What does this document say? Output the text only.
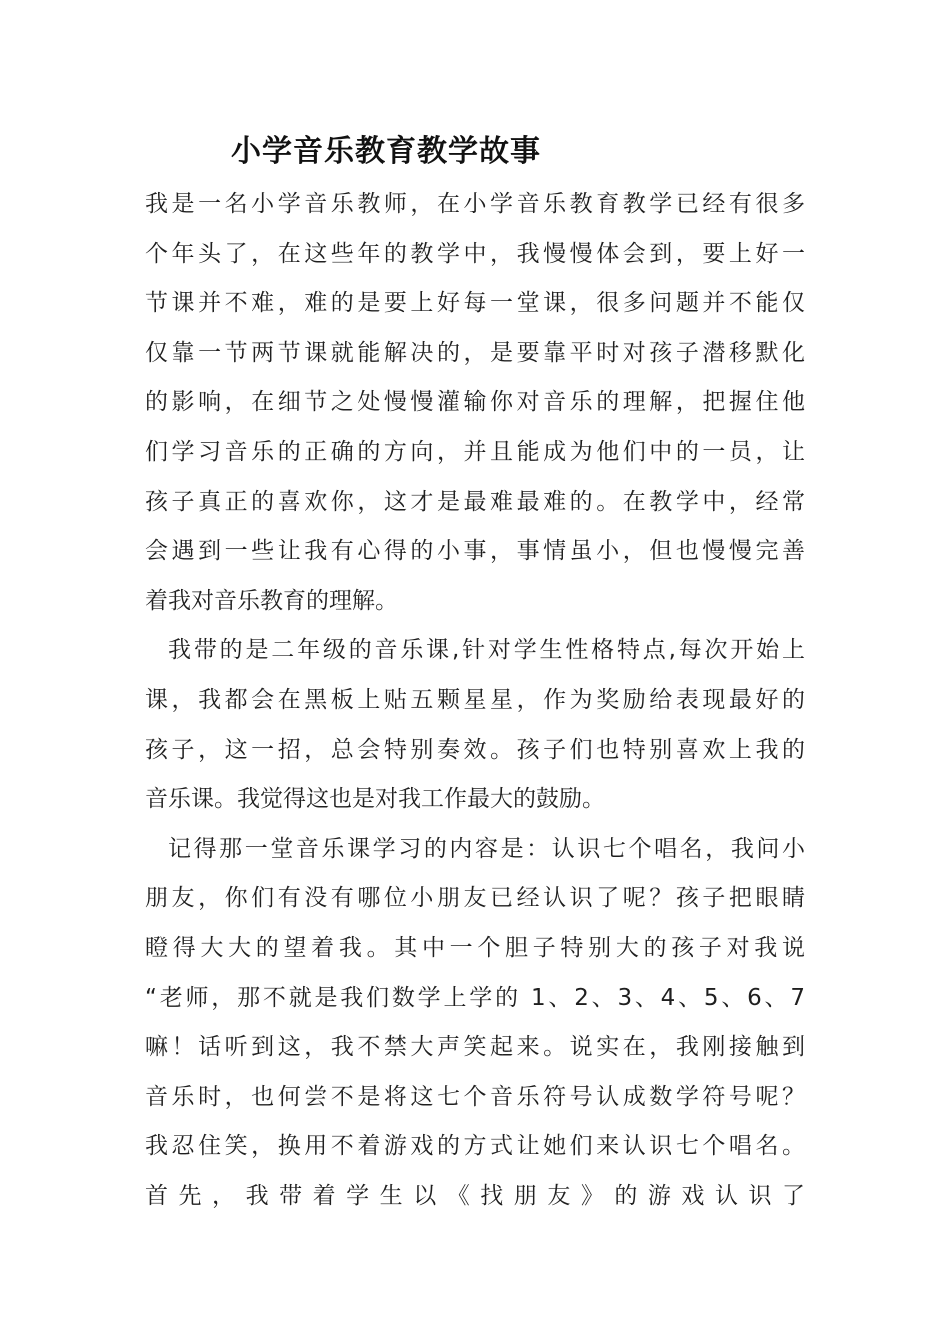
小学音乐教育教学故事
我是一名小学音乐教师，在小学音乐教育教学已经有很多
个年头了，在这些年的教学中，我慢慢体会到，要上好一
节课并不难，难的是要上好每一堂课，很多问题并不能仅
仅靠一节两节课就能解决的，是要靠平时对孩子潜移默化
的影响，在细节之处慢慢灌输你对音乐的理解，把握住他
们学习音乐的正确的方向，并且能成为他们中的一员，让
孩子真正的喜欢你，这才是最难最难的。在教学中，经常
会遇到一些让我有心得的小事，事情虽小，但也慢慢完善
着我对音乐教育的理解。
我带的是二年级的音乐课,针对学生性格特点,每次开始上
课，我都会在黑板上贴五颗星星，作为奖励给表现最好的
孩子，这一招，总会特别奏效。孩子们也特别喜欢上我的
音乐课。我觉得这也是对我工作最大的鼓励。
记得那一堂音乐课学习的内容是：认识七个唱名，我问小
朋友，你们有没有哪位小朋友已经认识了呢？孩子把眼睛
瞪得大大的望着我。其中一个胆子特别大的孩子对我说
“老师，那不就是我们数学上学的 1、2、3、4、5、6、7
嘛！话听到这，我不禁大声笑起来。说实在，我刚接触到
音乐时，也何尝不是将这七个音乐符号认成数学符号呢？
我忍住笑，换用不着游戏的方式让她们来认识七个唱名。
首先，我带着学生以《找朋友》的游戏认识了
